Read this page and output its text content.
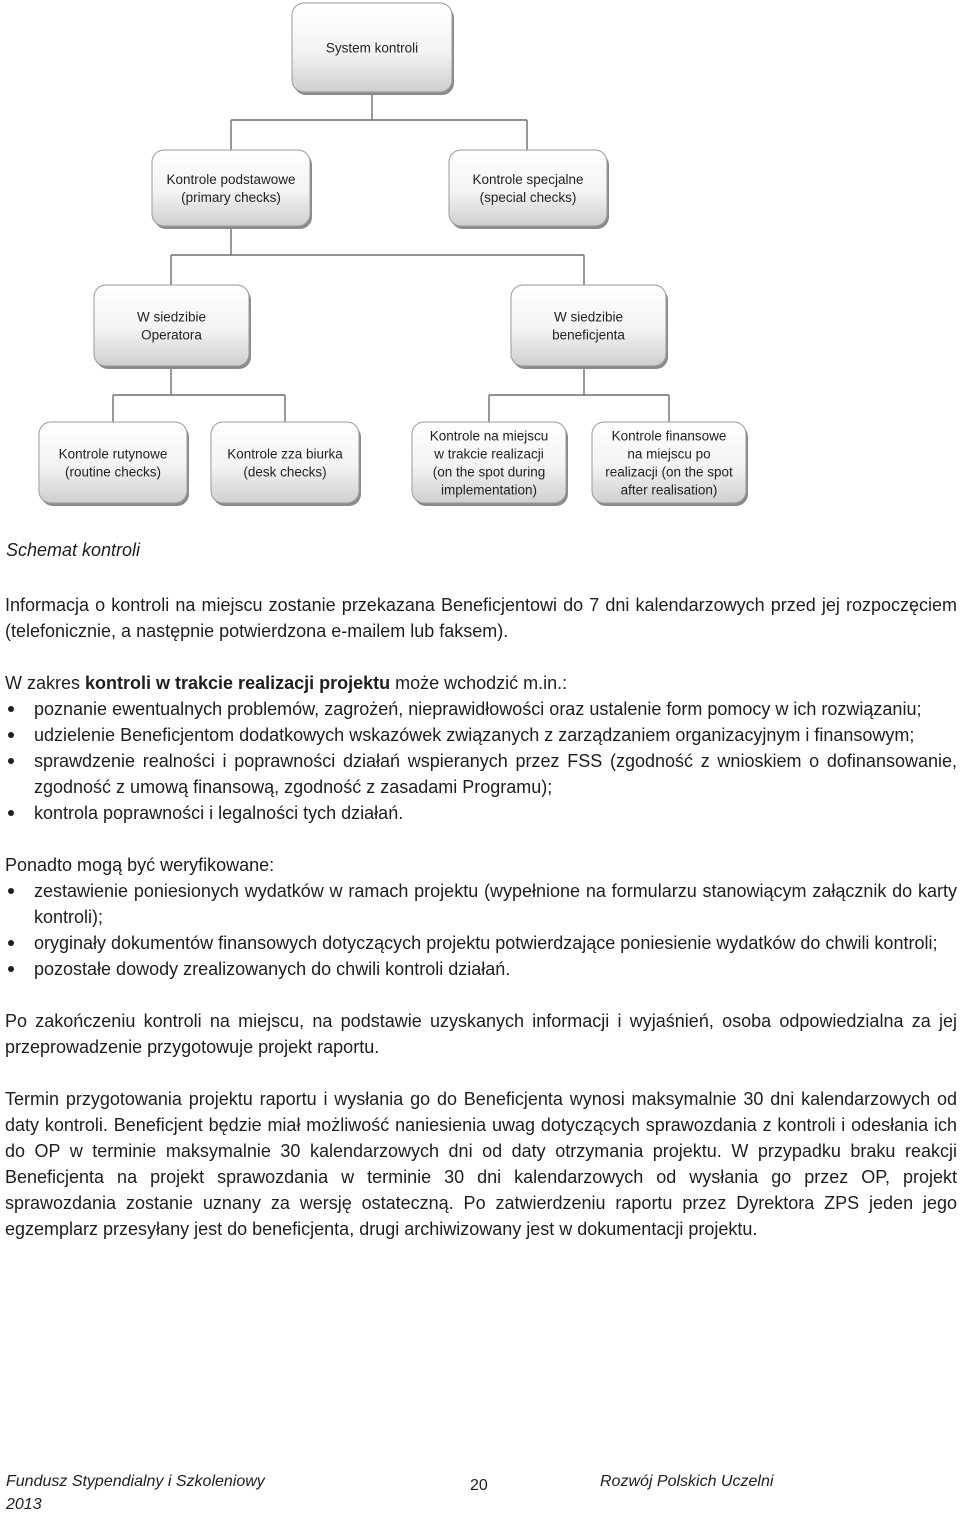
System kontroli
Kontrole podstawowe
(primary checks)
Kontrole specjalne
(special checks)
W siedzibie
Operatora
W siedzibie
beneficjenta
Kontrole rutynowe
(routine checks)
Kontrole zza biurka
(desk checks)
Kontrole na miejscu
w trakcie realizacji
(on the spot during
implementation)
Kontrole finansowe
na miejscu po
realizacji (on the spot
after realisation)
Schemat kontroli

Informacja o kontroli na miejscu zostanie przekazana Beneficjentowi do 7 dni kalendarzowych przed jej rozpoczęciem (telefonicznie, a następnie potwierdzona e-mailem lub faksem).

W zakres kontroli w trakcie realizacji projektu może wchodzić m.in.:

poznanie ewentualnych problemów, zagrożeń, nieprawidłowości oraz ustalenie form pomocy w ich rozwiązaniu;
udzielenie Beneficjentom dodatkowych wskazówek związanych z zarządzaniem organizacyjnym i finansowym;
sprawdzenie realności i poprawności działań wspieranych przez FSS (zgodność z wnioskiem o dofinansowanie, zgodność z umową finansową, zgodność z zasadami Programu);
kontrola poprawności i legalności tych działań.

Ponadto mogą być weryfikowane:

zestawienie poniesionych wydatków w ramach projektu (wypełnione na formularzu stanowiącym załącznik do karty kontroli);
oryginały dokumentów finansowych dotyczących projektu potwierdzające poniesienie wydatków do chwili kontroli;
pozostałe dowody zrealizowanych do chwili kontroli działań.

Po zakończeniu kontroli na miejscu, na podstawie uzyskanych informacji i wyjaśnień, osoba odpowiedzialna za jej przeprowadzenie przygotowuje projekt raportu.

Termin przygotowania projektu raportu i wysłania go do Beneficjenta wynosi maksymalnie 30 dni kalendarzowych od daty kontroli. Beneficjent będzie miał możliwość naniesienia uwag dotyczących sprawozdania z kontroli i odesłania ich do OP w terminie maksymalnie 30 kalendarzowych dni od daty otrzymania projektu. W przypadku braku reakcji Beneficjenta na projekt sprawozdania w terminie 30 dni kalendarzowych od wysłania go przez OP, projekt sprawozdania zostanie uznany za wersję ostateczną. Po zatwierdzeniu raportu przez Dyrektora ZPS jeden jego egzemplarz przesyłany jest do beneficjenta, drugi archiwizowany jest w dokumentacji projektu.

Fundusz Stypendialny i Szkoleniowy
2013
20	Rozwój Polskich Uczelni
